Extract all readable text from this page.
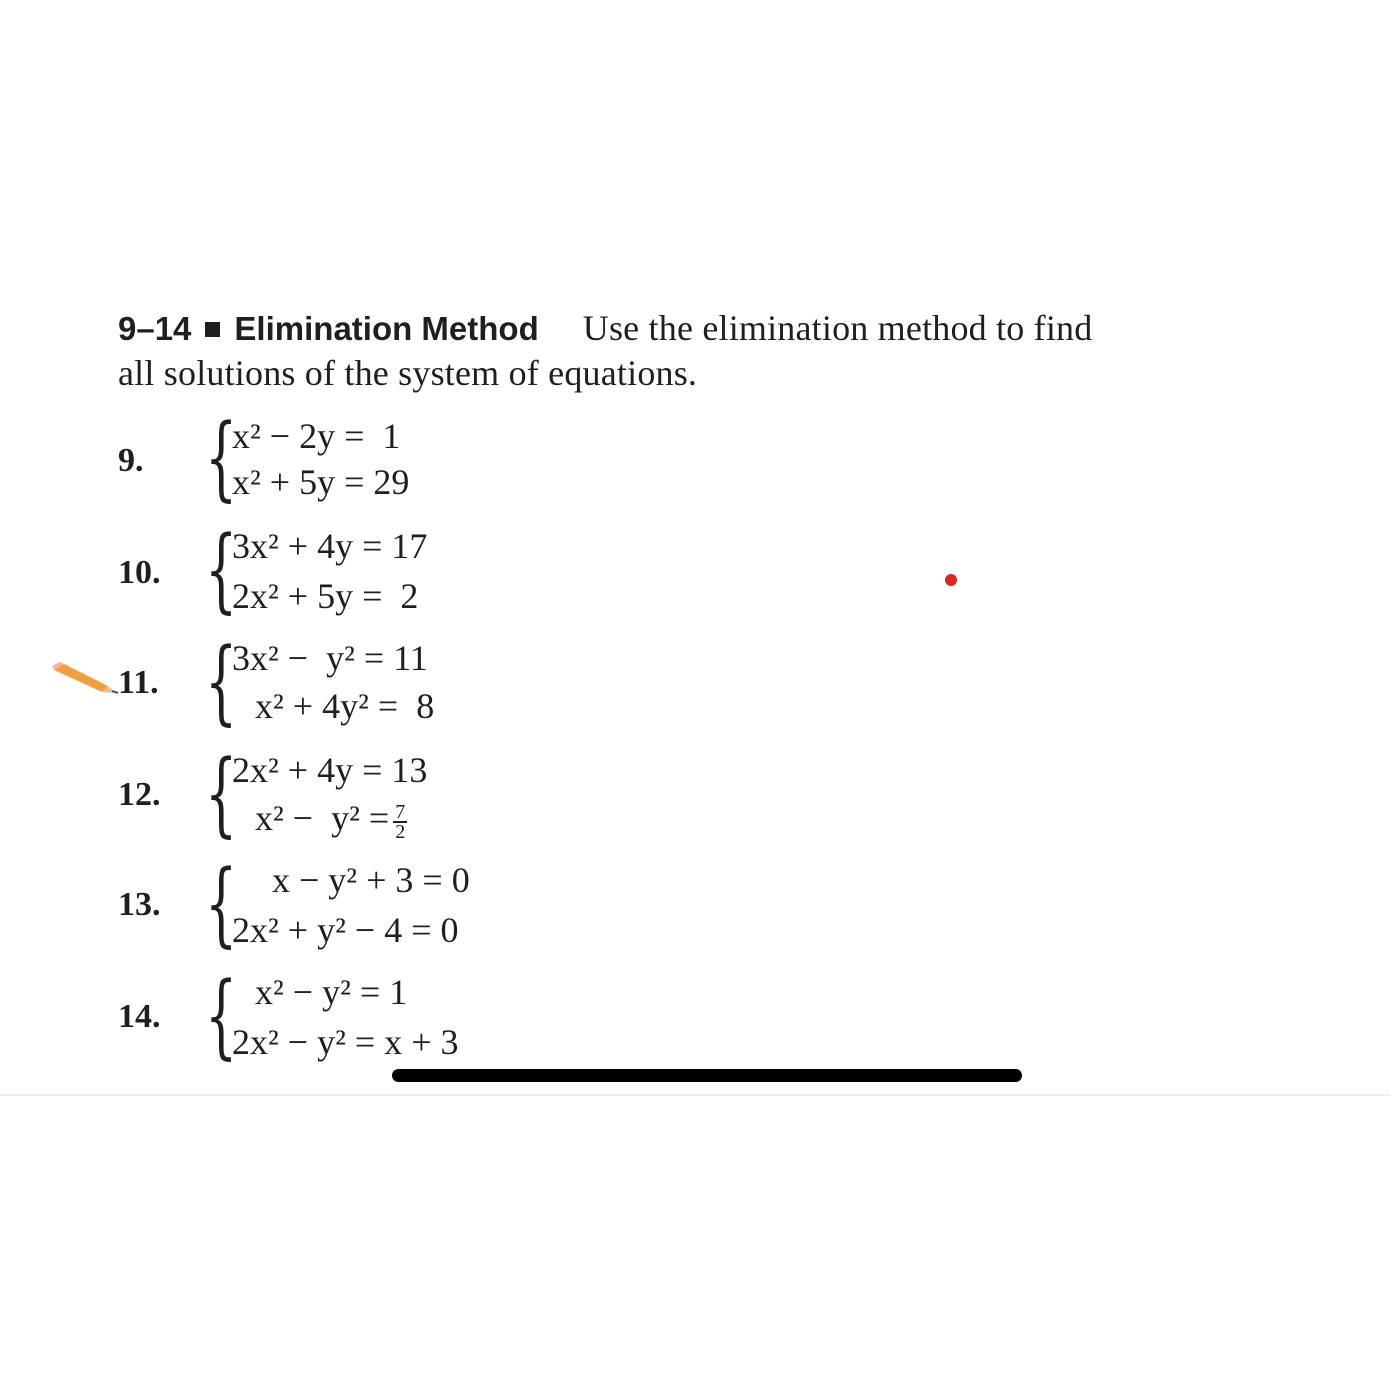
9–14 Elimination Method Use the elimination method to find
all solutions of the system of equations.
9. {
x² − 2y =  1
x² + 5y = 29
10. {
3x² + 4y = 17
2x² + 5y =  2
11. {
3x² −  y² = 11
x² + 4y² =  8
12. {
2x² + 4y = 13
$x^2 - y^2 = \frac{7}{2}$
13. { x − y² + 3 = 0
2x² + y² − 4 = 0
14. { x² − y² = 1
2x² − y² = x + 3
